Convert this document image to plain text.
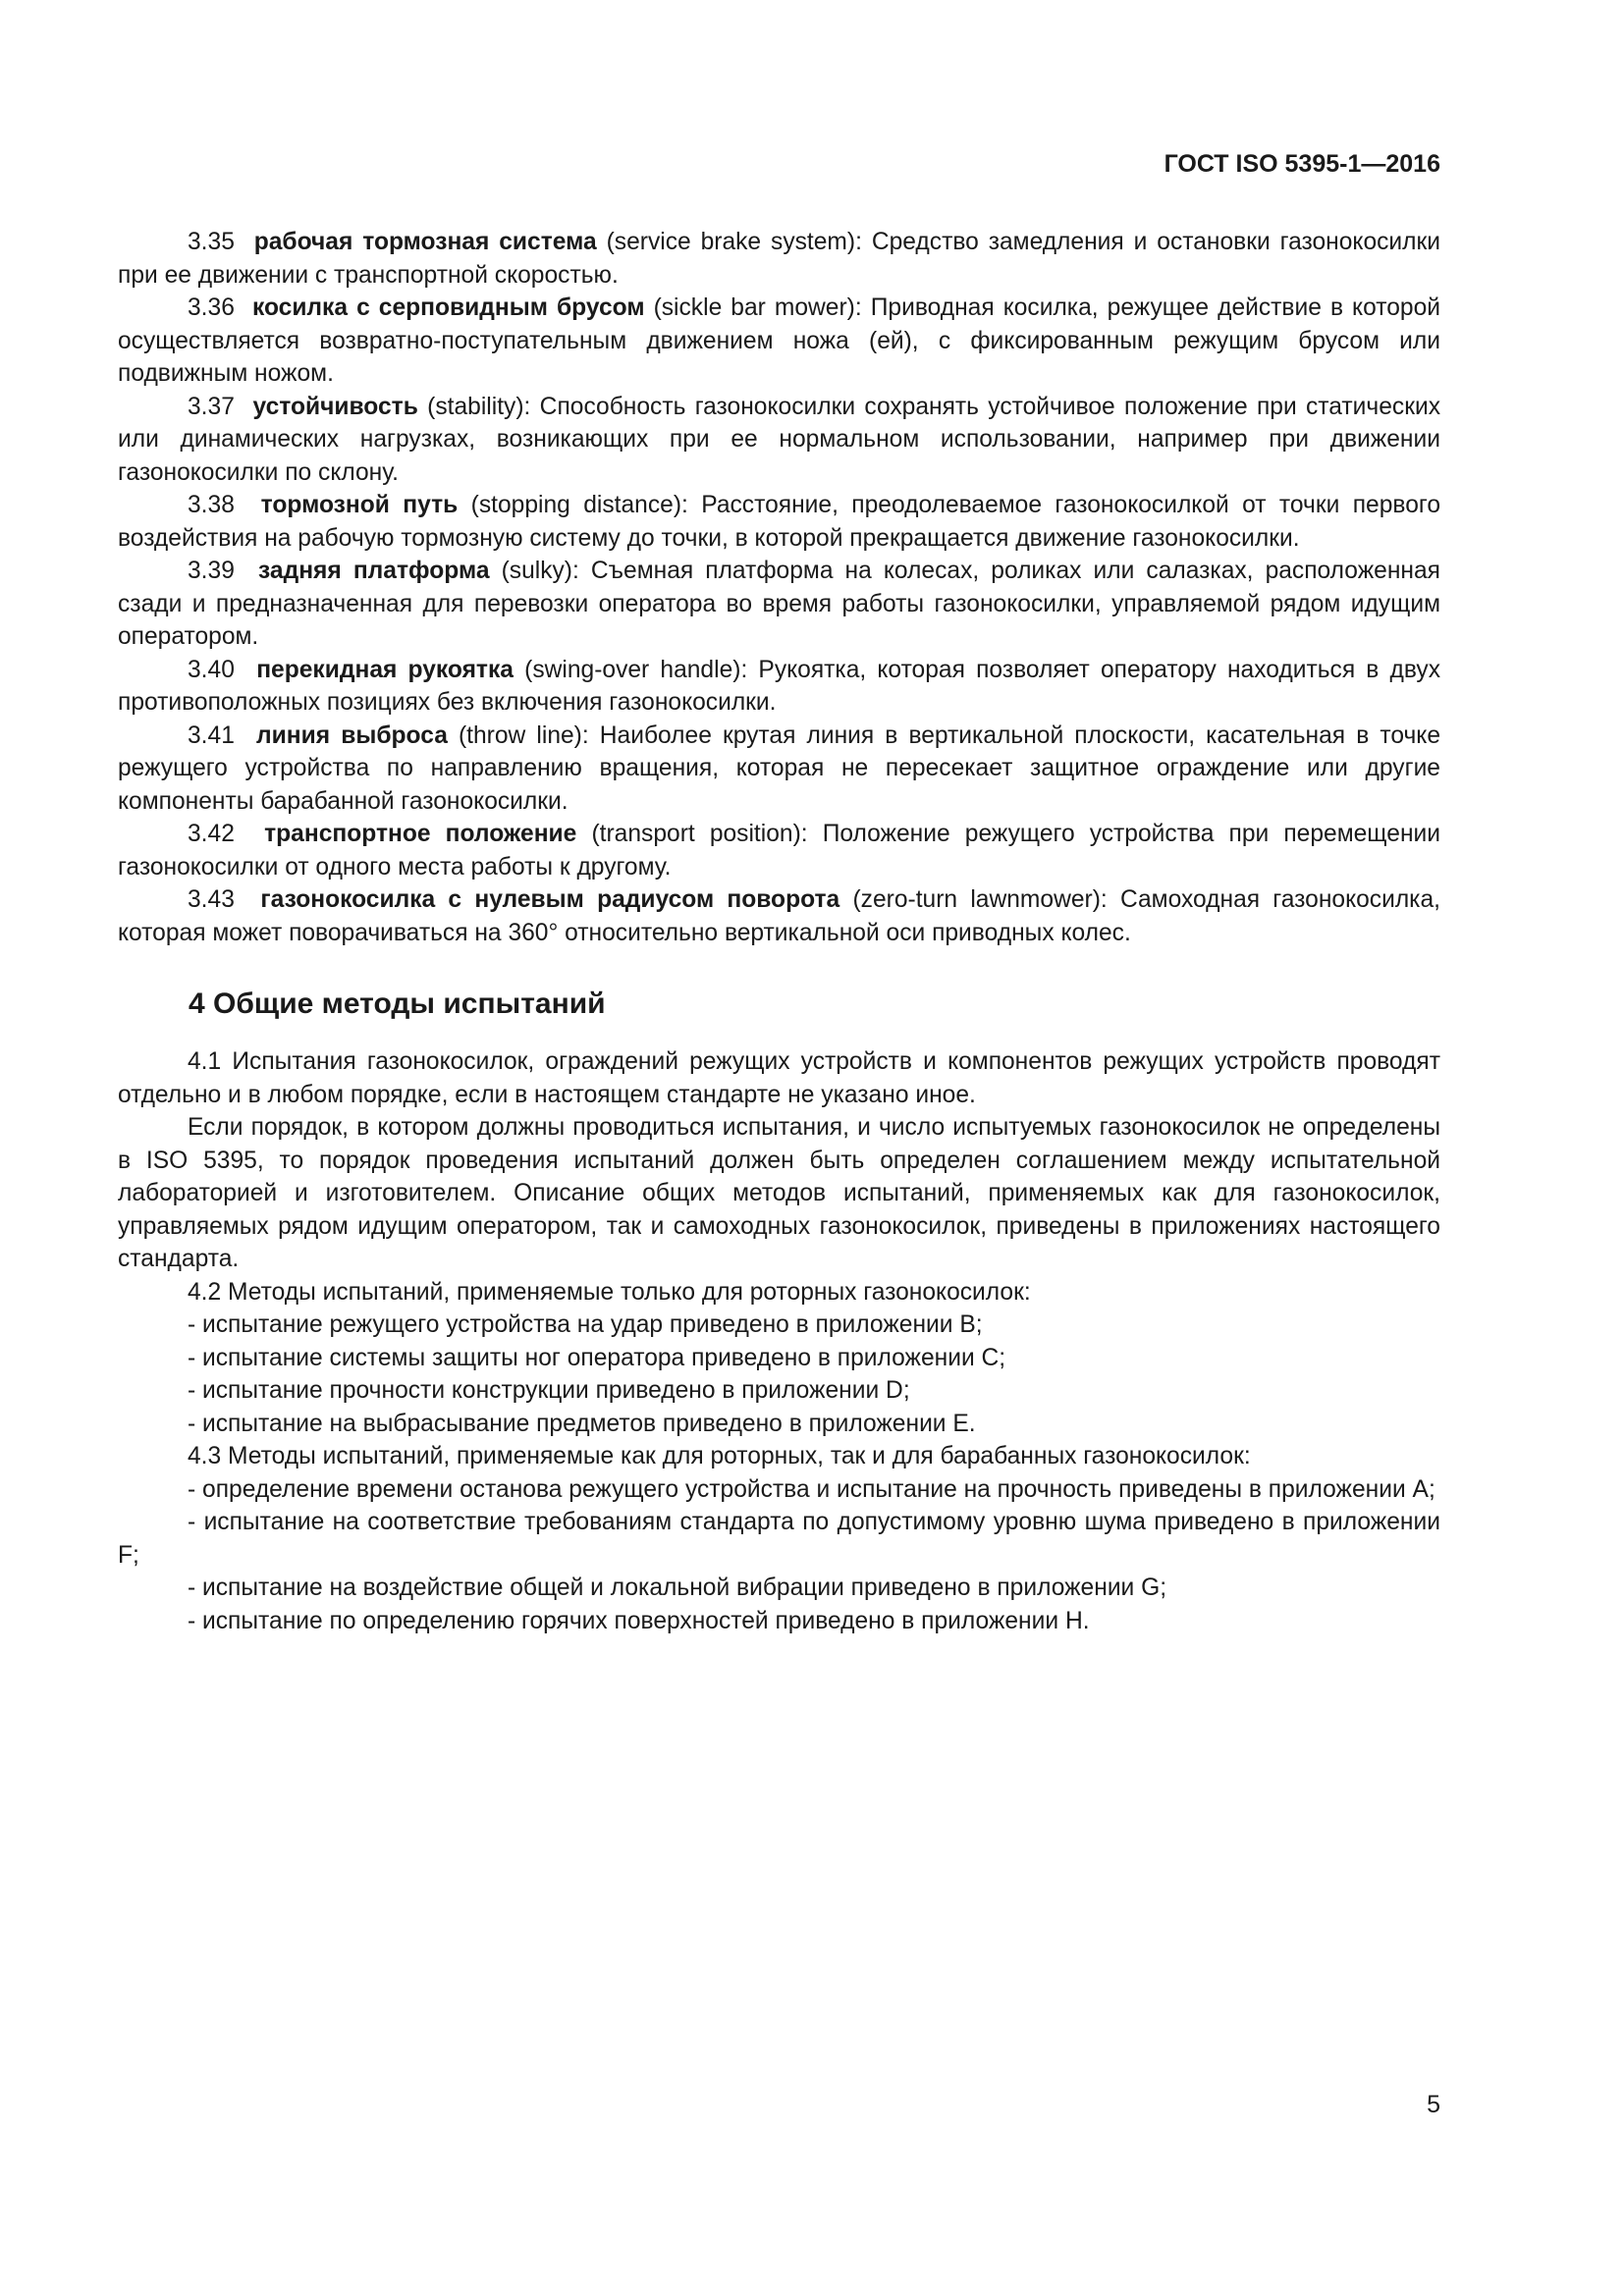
ГОСТ ISO 5395-1—2016

3.35 рабочая тормозная система (service brake system): Средство замедления и остановки газонокосилки при ее движении с транспортной скоростью.

3.36 косилка с серповидным брусом (sickle bar mower): Приводная косилка, режущее действие в которой осуществляется возвратно-поступательным движением ножа (ей), с фиксированным режущим брусом или подвижным ножом.

3.37 устойчивость (stability): Способность газонокосилки сохранять устойчивое положение при статических или динамических нагрузках, возникающих при ее нормальном использовании, например при движении газонокосилки по склону.

3.38 тормозной путь (stopping distance): Расстояние, преодолеваемое газонокосилкой от точки первого воздействия на рабочую тормозную систему до точки, в которой прекращается движение газонокосилки.

3.39 задняя платформа (sulky): Съемная платформа на колесах, роликах или салазках, расположенная сзади и предназначенная для перевозки оператора во время работы газонокосилки, управляемой рядом идущим оператором.

3.40 перекидная рукоятка (swing-over handle): Рукоятка, которая позволяет оператору находиться в двух противоположных позициях без включения газонокосилки.

3.41 линия выброса (throw line): Наиболее крутая линия в вертикальной плоскости, касательная в точке режущего устройства по направлению вращения, которая не пересекает защитное ограждение или другие компоненты барабанной газонокосилки.

3.42 транспортное положение (transport position): Положение режущего устройства при перемещении газонокосилки от одного места работы к другому.

3.43 газонокосилка с нулевым радиусом поворота (zero-turn lawnmower): Самоходная газонокосилка, которая может поворачиваться на 360° относительно вертикальной оси приводных колес.

4 Общие методы испытаний

4.1 Испытания газонокосилок, ограждений режущих устройств и компонентов режущих устройств проводят отдельно и в любом порядке, если в настоящем стандарте не указано иное.

Если порядок, в котором должны проводиться испытания, и число испытуемых газонокосилок не определены в ISO 5395, то порядок проведения испытаний должен быть определен соглашением между испытательной лабораторией и изготовителем. Описание общих методов испытаний, применяемых как для газонокосилок, управляемых рядом идущим оператором, так и самоходных газонокосилок, приведены в приложениях настоящего стандарта.

4.2 Методы испытаний, применяемые только для роторных газонокосилок:

- испытание режущего устройства на удар приведено в приложении B;

- испытание системы защиты ног оператора приведено в приложении C;

- испытание прочности конструкции приведено в приложении D;

- испытание на выбрасывание предметов приведено в приложении E.

4.3 Методы испытаний, применяемые как для роторных, так и для барабанных газонокосилок:

- определение времени останова режущего устройства и испытание на прочность приведены в приложении A;

- испытание на соответствие требованиям стандарта по допустимому уровню шума приведено в приложении F;

- испытание на воздействие общей и локальной вибрации приведено в приложении G;

- испытание по определению горячих поверхностей приведено в приложении H.

5
